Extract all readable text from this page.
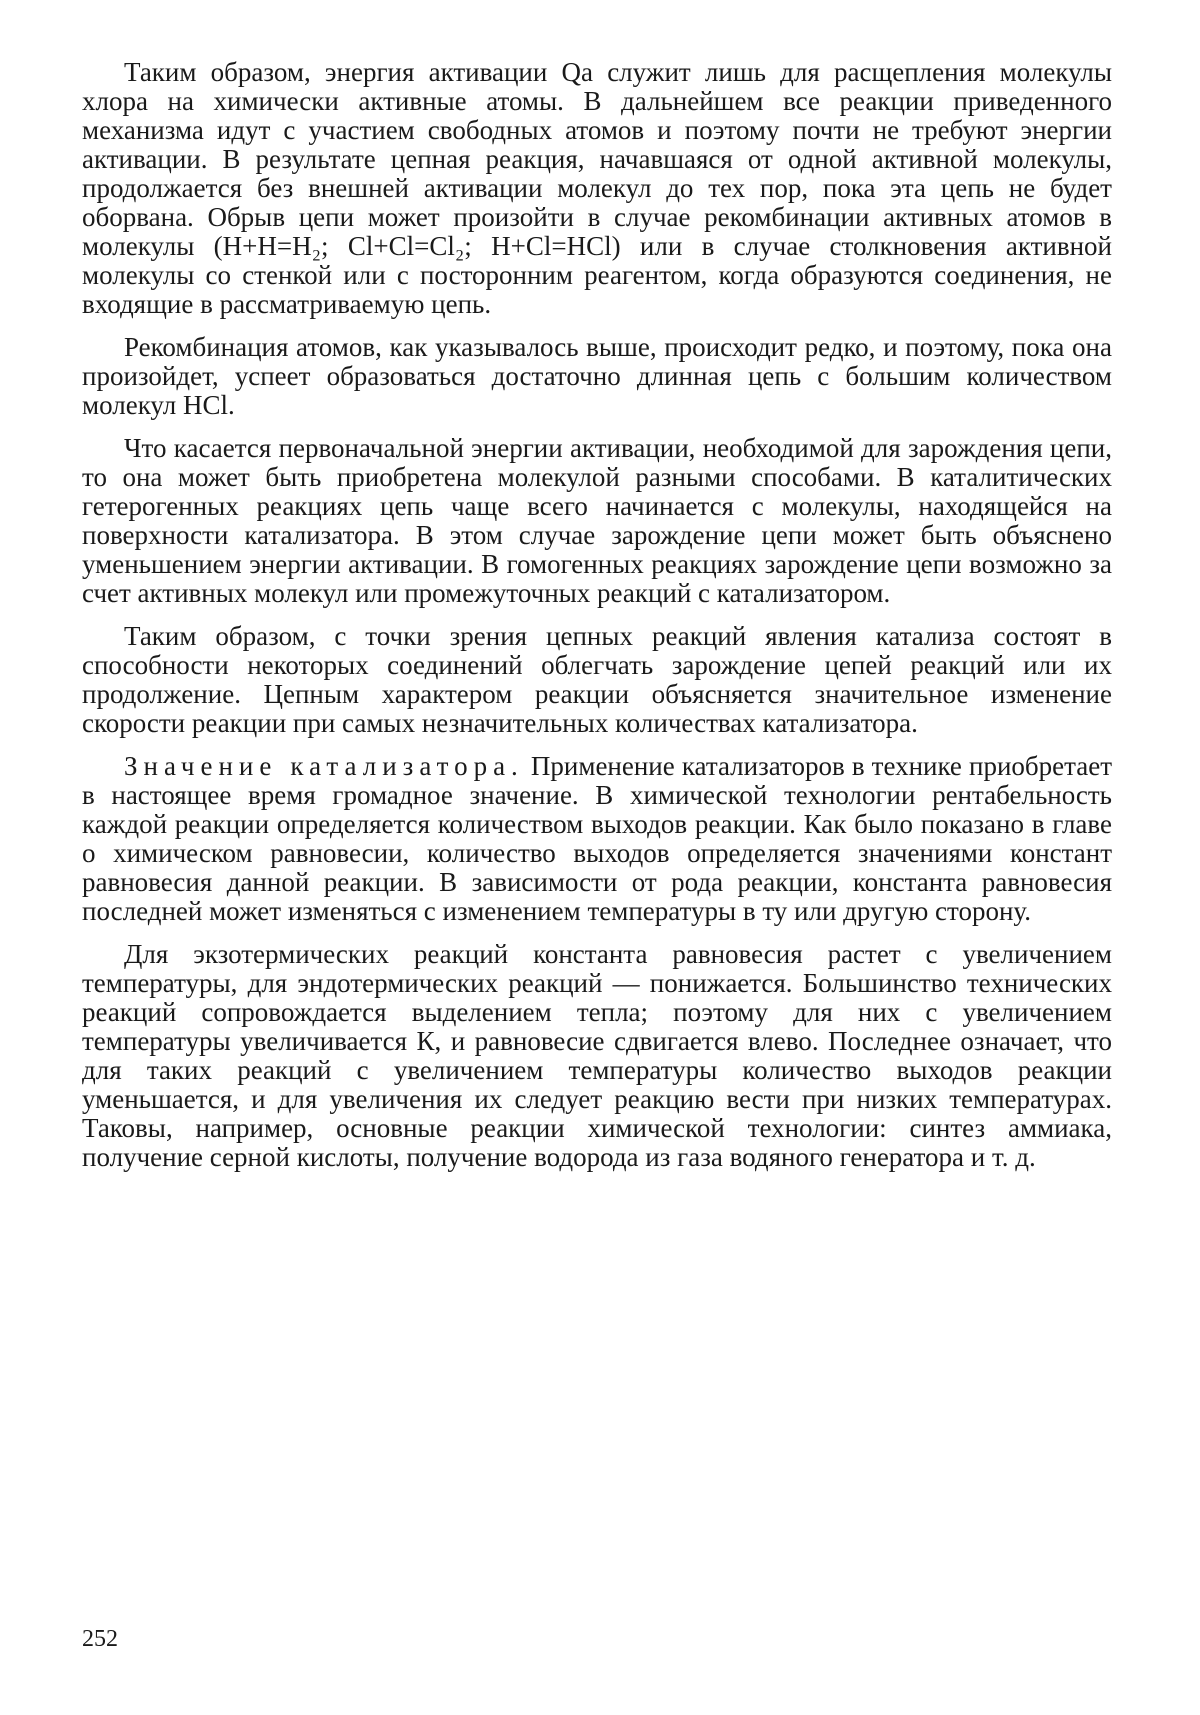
Таким образом, энергия активации Qa служит лишь для расщепления молекулы хлора на химически активные атомы. В дальнейшем все реакции приведенного механизма идут с участием свободных атомов и поэтому почти не требуют энергии активации. В результате цепная реакция, начавшаяся от одной активной молекулы, продолжается без внешней активации молекул до тех пор, пока эта цепь не будет оборвана. Обрыв цепи может произойти в случае рекомбинации активных атомов в молекулы (H+H=H₂; Cl+Cl=Cl₂; H+Cl=HCl) или в случае столкновения активной молекулы со стенкой или с посторонним реагентом, когда образуются соединения, не входящие в рассматриваемую цепь.

Рекомбинация атомов, как указывалось выше, происходит редко, и поэтому, пока она произойдет, успеет образоваться достаточно длинная цепь с большим количеством молекул HCl.

Что касается первоначальной энергии активации, необходимой для зарождения цепи, то она может быть приобретена молекулой разными способами. В каталитических гетерогенных реакциях цепь чаще всего начинается с молекулы, находящейся на поверхности катализатора. В этом случае зарождение цепи может быть объяснено уменьшением энергии активации. В гомогенных реакциях зарождение цепи возможно за счет активных молекул или промежуточных реакций с катализатором.

Таким образом, с точки зрения цепных реакций явления катализа состоят в способности некоторых соединений облегчать зарождение цепей реакций или их продолжение. Цепным характером реакции объясняется значительное изменение скорости реакции при самых незначительных количествах катализатора.

Значение катализатора. Применение катализаторов в технике приобретает в настоящее время громадное значение. В химической технологии рентабельность каждой реакции определяется количеством выходов реакции. Как было показано в главе о химическом равновесии, количество выходов определяется значениями констант равновесия данной реакции. В зависимости от рода реакции, константа равновесия последней может изменяться с изменением температуры в ту или другую сторону.

Для экзотермических реакций константа равновесия растет с увеличением температуры, для эндотермических реакций — понижается. Большинство технических реакций сопровождается выделением тепла; поэтому для них с увеличением температуры увеличивается К, и равновесие сдвигается влево. Последнее означает, что для таких реакций с увеличением температуры количество выходов реакции уменьшается, и для увеличения их следует реакцию вести при низких температурах. Таковы, например, основные реакции химической технологии: синтез аммиака, получение серной кислоты, получение водорода из газа водяного генератора и т. д.

252
